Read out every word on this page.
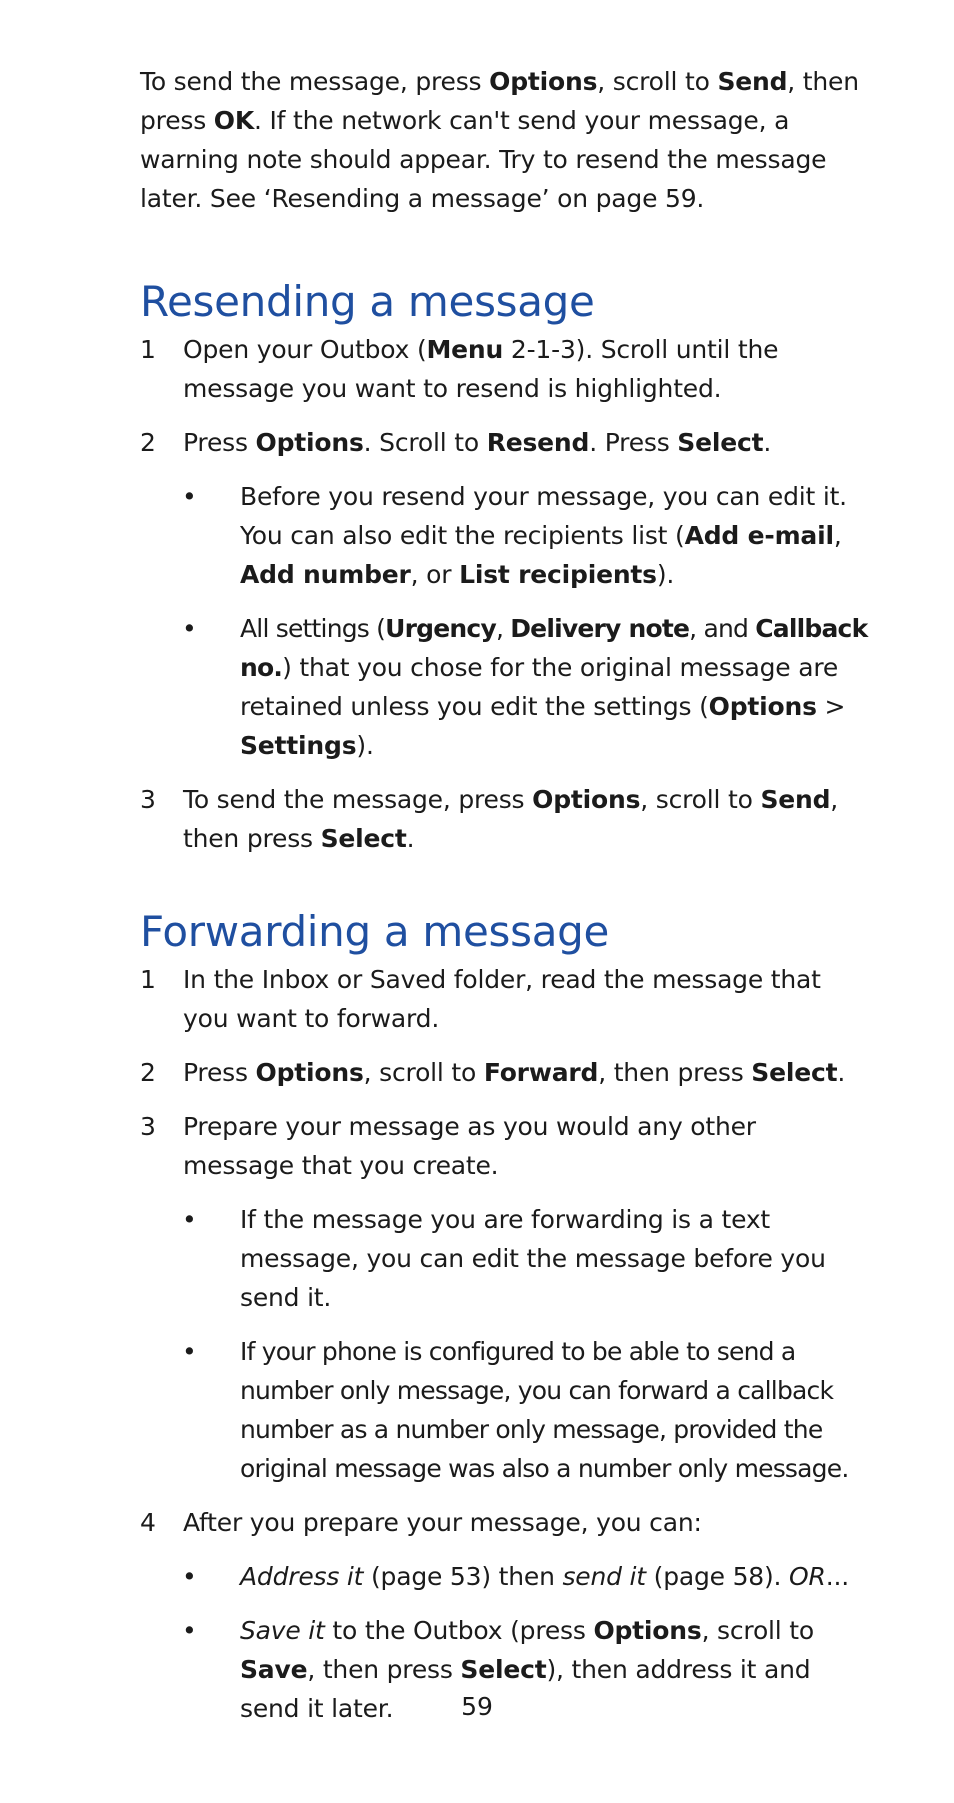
To send the message, press Options, scroll to Send, then press OK. If the network can't send your message, a warning note should appear. Try to resend the message later. See ‘Resending a message’ on page 59.

Resending a message
1 Open your Outbox (Menu 2-1-3). Scroll until the message you want to resend is highlighted.
2 Press Options. Scroll to Resend. Press Select.
• Before you resend your message, you can edit it. You can also edit the recipients list (Add e-mail, Add number, or List recipients).
• All settings (Urgency, Delivery note, and Callback no.) that you chose for the original message are retained unless you edit the settings (Options > Settings).
3 To send the message, press Options, scroll to Send, then press Select.
Forwarding a message
1 In the Inbox or Saved folder, read the message that you want to forward.
2 Press Options, scroll to Forward, then press Select.
3 Prepare your message as you would any other message that you create.
• If the message you are forwarding is a text message, you can edit the message before you send it.
• If your phone is configured to be able to send a number only message, you can forward a callback number as a number only message, provided the original message was also a number only message.
4 After you prepare your message, you can:
• Address it (page 53) then send it (page 58). OR...
• Save it to the Outbox (press Options, scroll to Save, then press Select), then address it and send it later.	59
